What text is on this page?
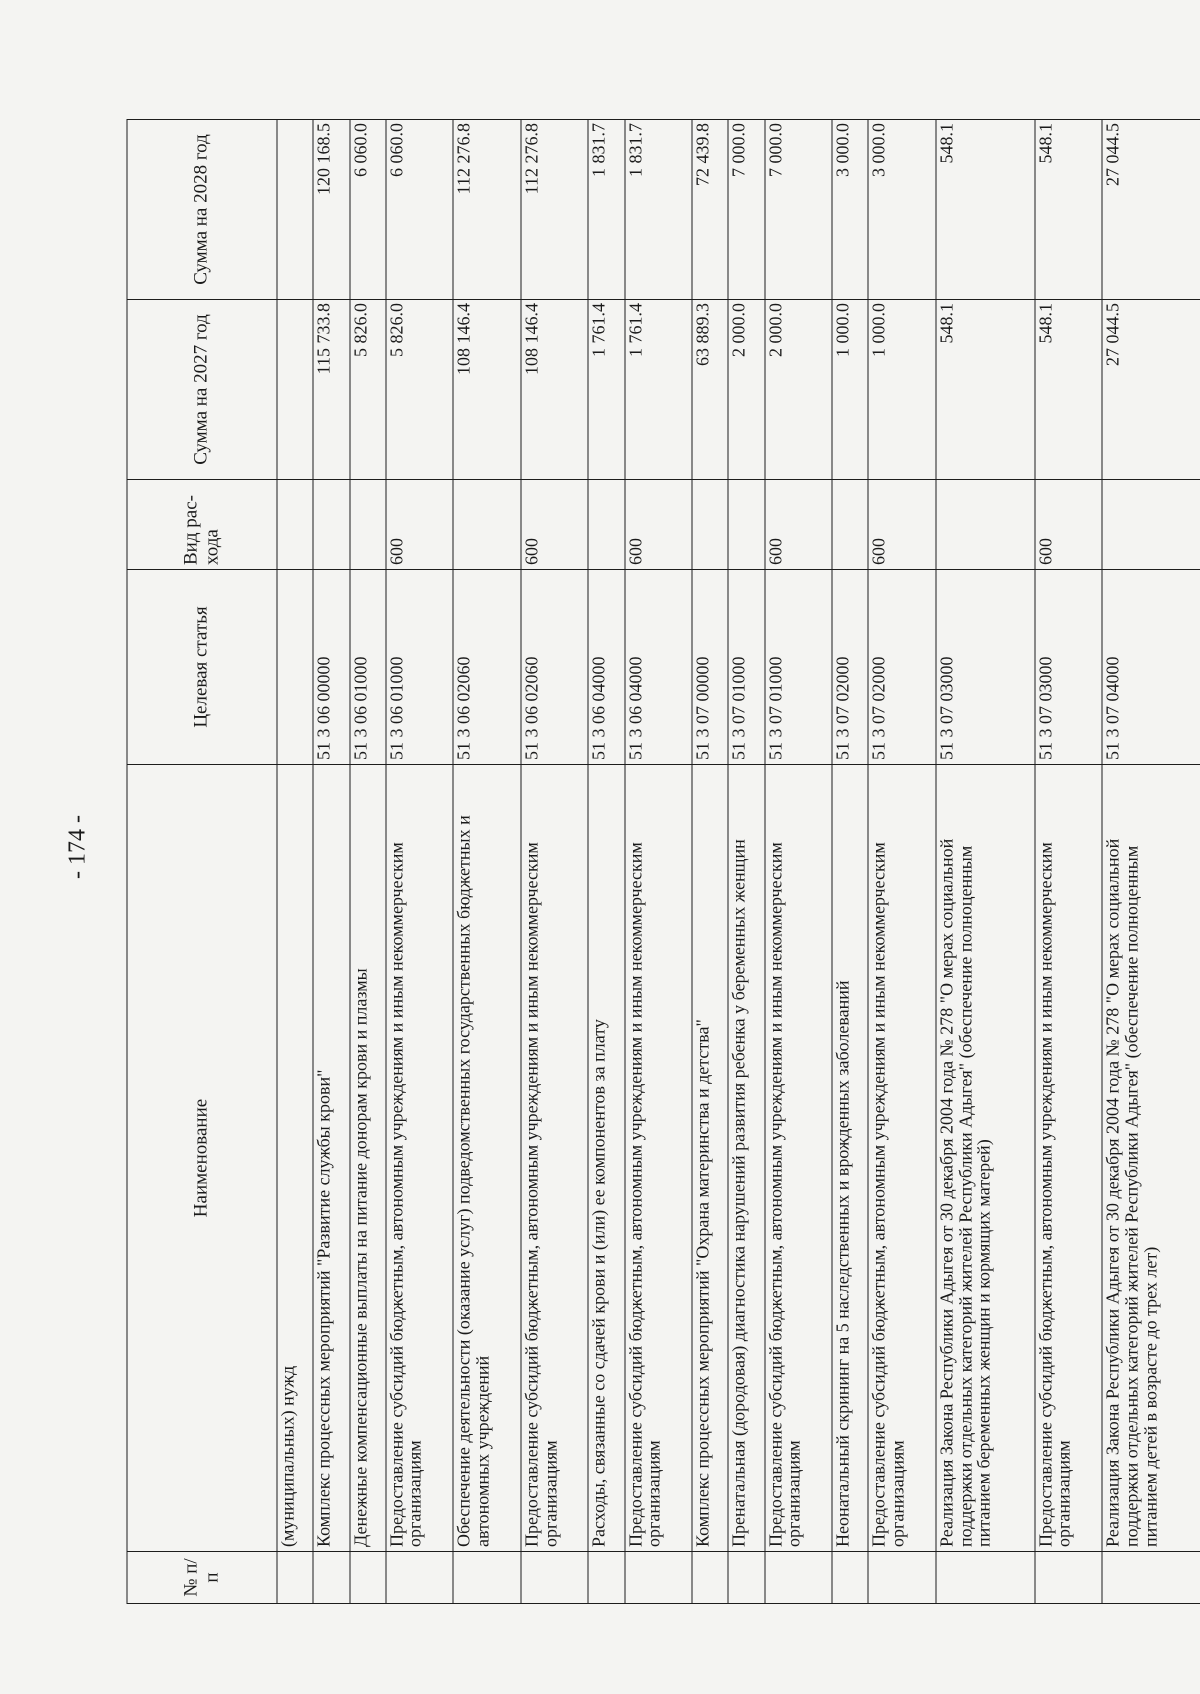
- 174 -
№ п/п	Наименование	Целевая статья	Вид рас- хода	Сумма на 2027 год	Сумма на 2028 год
	(муниципальных) нужд				
	Комплекс процессных мероприятий "Развитие службы крови"	51 3 06 00000		115 733.8	120 168.5
	Денежные компенсационные выплаты на питание донорам крови и плазмы	51 3 06 01000		5 826.0	6 060.0
	Предоставление субсидий бюджетным, автономным учреждениям и иным некоммерческим организациям	51 3 06 01000	600	5 826.0	6 060.0
	Обеспечение деятельности (оказание услуг) подведомственных государственных бюджетных и автономных учреждений	51 3 06 02060		108 146.4	112 276.8
	Предоставление субсидий бюджетным, автономным учреждениям и иным некоммерческим организациям	51 3 06 02060	600	108 146.4	112 276.8
	Расходы, связанные со сдачей крови и (или) ее компонентов за плату	51 3 06 04000		1 761.4	1 831.7
	Предоставление субсидий бюджетным, автономным учреждениям и иным некоммерческим организациям	51 3 06 04000	600	1 761.4	1 831.7
	Комплекс процессных мероприятий "Охрана материнства и детства"	51 3 07 00000		63 889.3	72 439.8
	Пренатальная (дородовая) диагностика нарушений развития ребенка у беременных женщин	51 3 07 01000		2 000.0	7 000.0
	Предоставление субсидий бюджетным, автономным учреждениям и иным некоммерческим организациям	51 3 07 01000	600	2 000.0	7 000.0
	Неонатальный скрининг на 5 наследственных и врожденных заболеваний	51 3 07 02000		1 000.0	3 000.0
	Предоставление субсидий бюджетным, автономным учреждениям и иным некоммерческим организациям	51 3 07 02000	600	1 000.0	3 000.0
	Реализация Закона Республики Адыгея от 30 декабря 2004 года № 278 "О мерах социальной поддержки отдельных категорий жителей Республики Адыгея" (обеспечение полноценным питанием беременных женщин и кормящих матерей)	51 3 07 03000		548.1	548.1
	Предоставление субсидий бюджетным, автономным учреждениям и иным некоммерческим организациям	51 3 07 03000	600	548.1	548.1
	Реализация Закона Республики Адыгея от 30 декабря 2004 года № 278 "О мерах социальной поддержки отдельных категорий жителей Республики Адыгея" (обеспечение полноценным питанием детей в возрасте до трех лет)	51 3 07 04000		27 044.5	27 044.5
